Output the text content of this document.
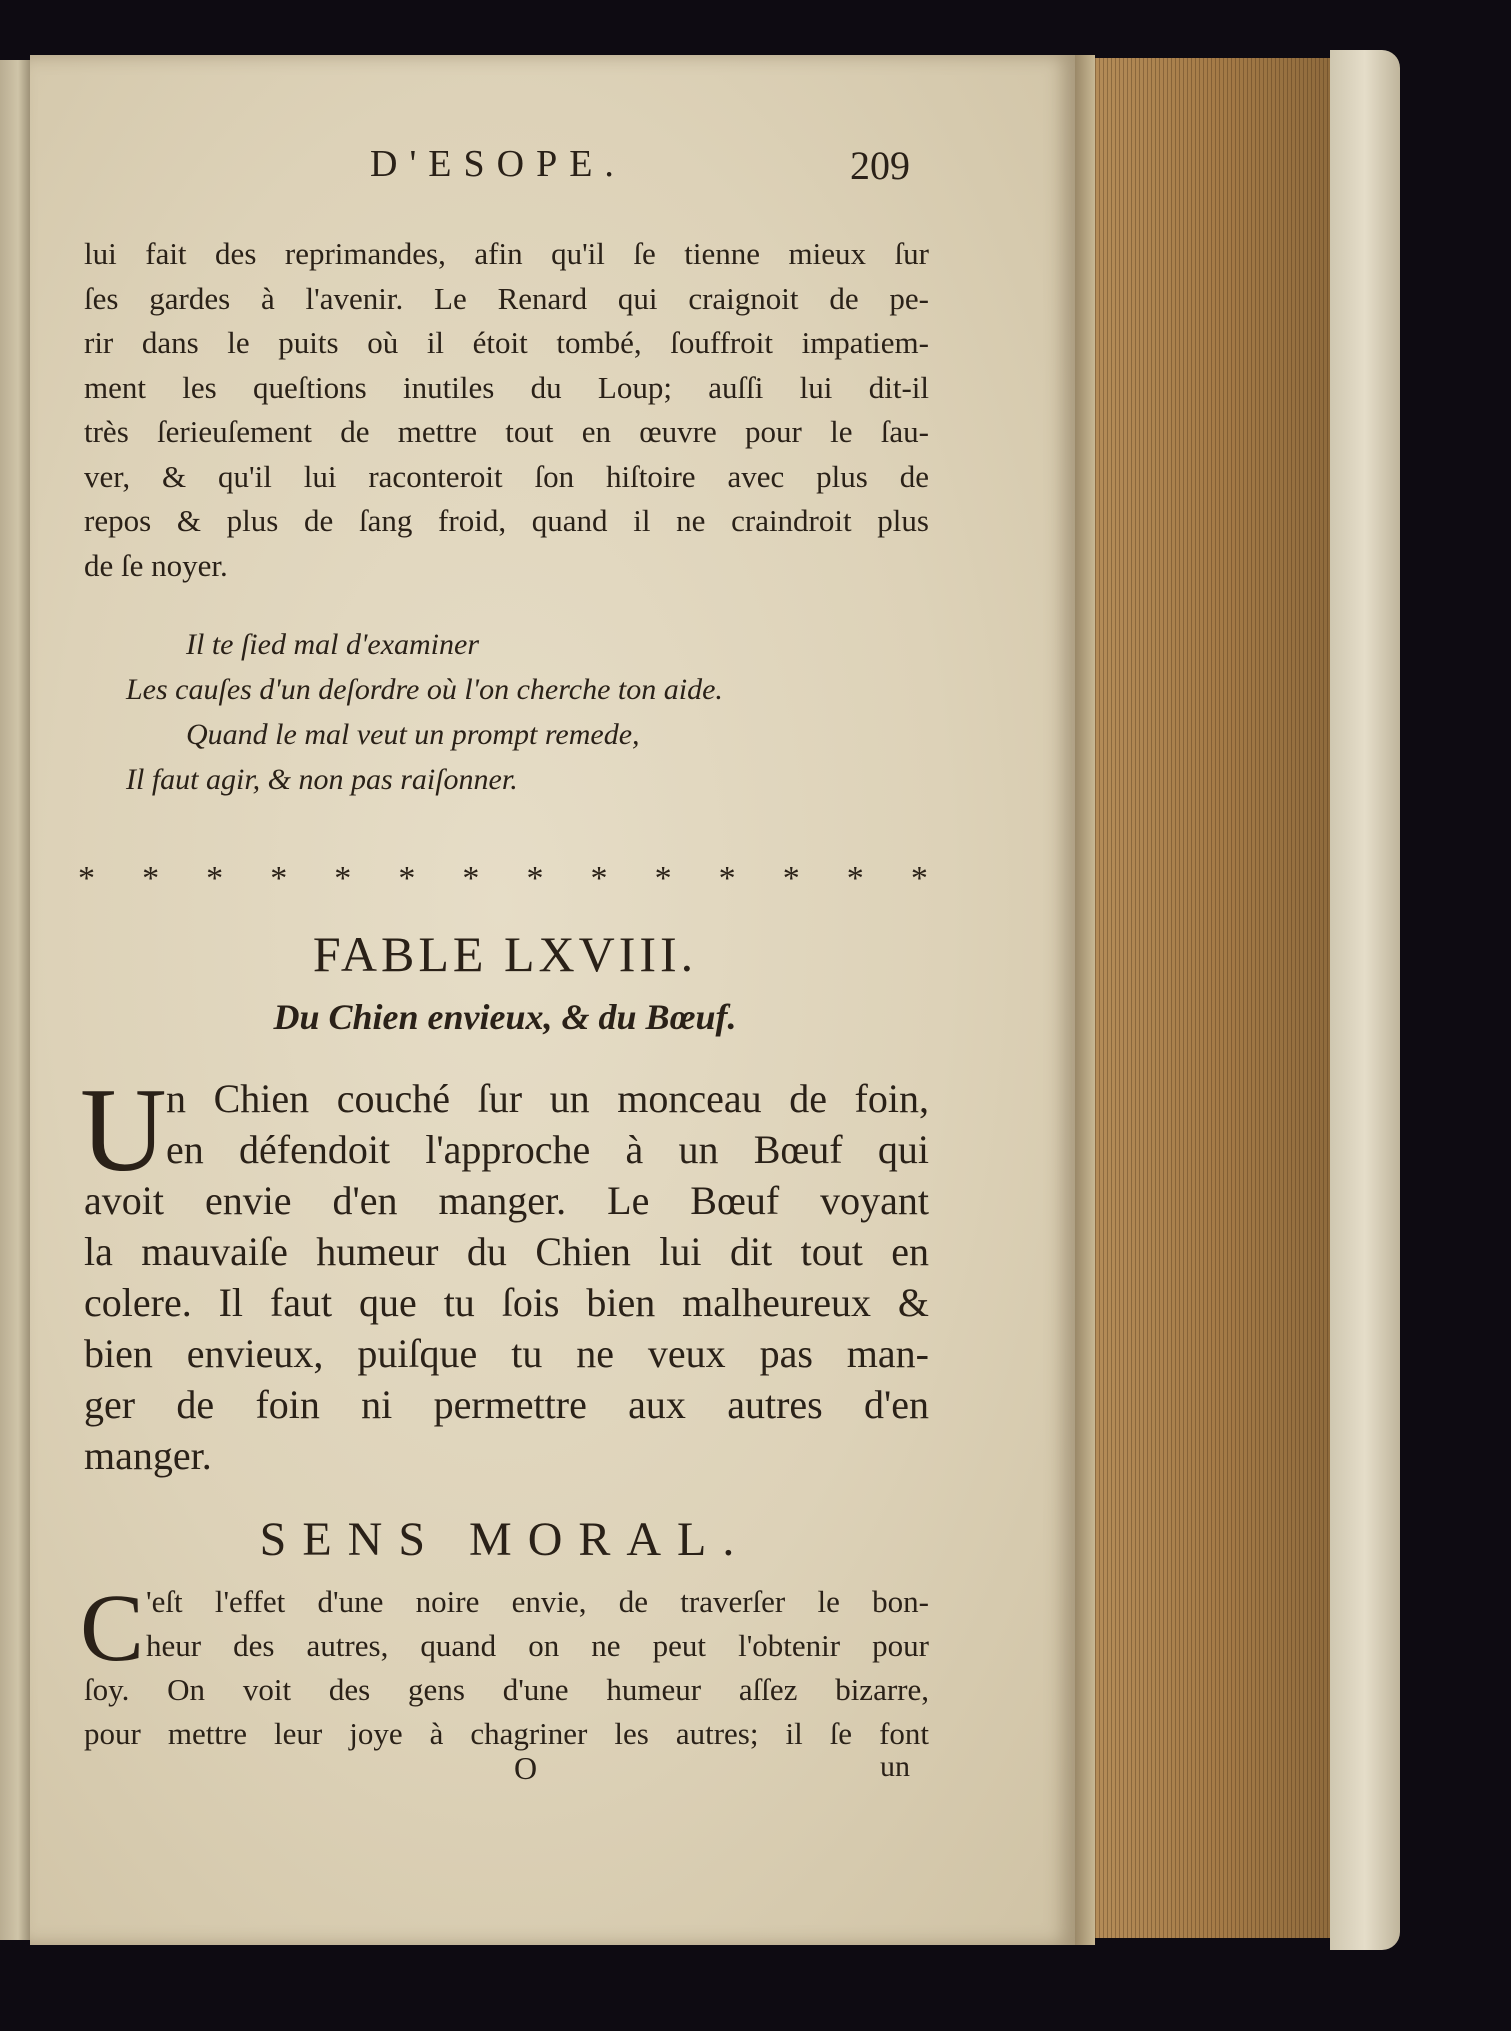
D'ESOPE.	209

lui fait des reprimandes, afin qu'il ſe tienne mieux ſur
ſes gardes à l'avenir. Le Renard qui craignoit de pe-
rir dans le puits où il étoit tombé, ſouffroit impatiem-
ment les queſtions inutiles du Loup; auſſi lui dit-il
très ſerieuſement de mettre tout en œuvre pour le ſau-
ver, & qu'il lui raconteroit ſon hiſtoire avec plus de
repos & plus de ſang froid, quand il ne craindroit plus
de ſe noyer.
Il te ſied mal d'examiner
Les cauſes d'un deſordre où l'on cherche ton aide.
Quand le mal veut un prompt remede,
Il faut agir, & non pas raiſonner.
* * * * * * * * * * * * * *
FABLE LXVIII.
Du Chien envieux, & du Bœuf.
U n Chien couché ſur un monceau de foin,
en défendoit l'approche à un Bœuf qui
avoit envie d'en manger. Le Bœuf voyant
la mauvaiſe humeur du Chien lui dit tout en
colere. Il faut que tu ſois bien malheureux &
bien envieux, puiſque tu ne veux pas man-
ger de foin ni permettre aux autres d'en
manger.
SENS MORAL.
C 'eſt l'effet d'une noire envie, de traverſer le bon-
heur des autres, quand on ne peut l'obtenir pour
ſoy. On voit des gens d'une humeur aſſez bizarre,
pour mettre leur joye à chagriner les autres; il ſe font

O	un
